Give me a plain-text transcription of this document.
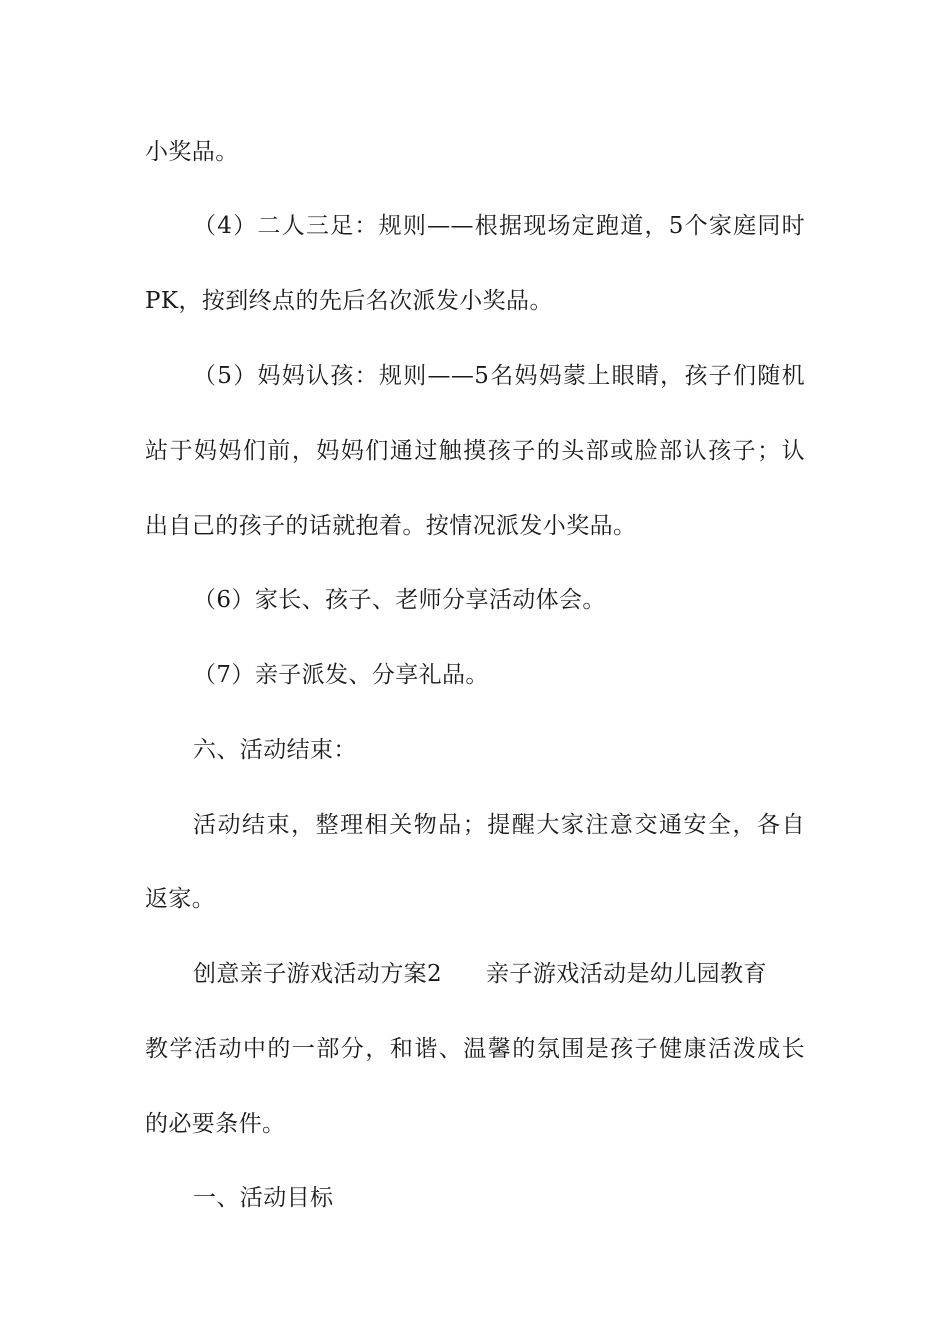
小奖品。
（4）二人三足：规则——根据现场定跑道，5个家庭同时
PK，按到终点的先后名次派发小奖品。
（5）妈妈认孩：规则——5名妈妈蒙上眼睛，孩子们随机
站于妈妈们前，妈妈们通过触摸孩子的头部或脸部认孩子；认
出自己的孩子的话就抱着。按情况派发小奖品。
（6）家长、孩子、老师分享活动体会。
（7）亲子派发、分享礼品。
六、活动结束：
活动结束，整理相关物品；提醒大家注意交通安全，各自
返家。
创意亲子游戏活动方案2 亲子游戏活动是幼儿园教育
教学活动中的一部分，和谐、温馨的氛围是孩子健康活泼成长
的必要条件。
一、活动目标
